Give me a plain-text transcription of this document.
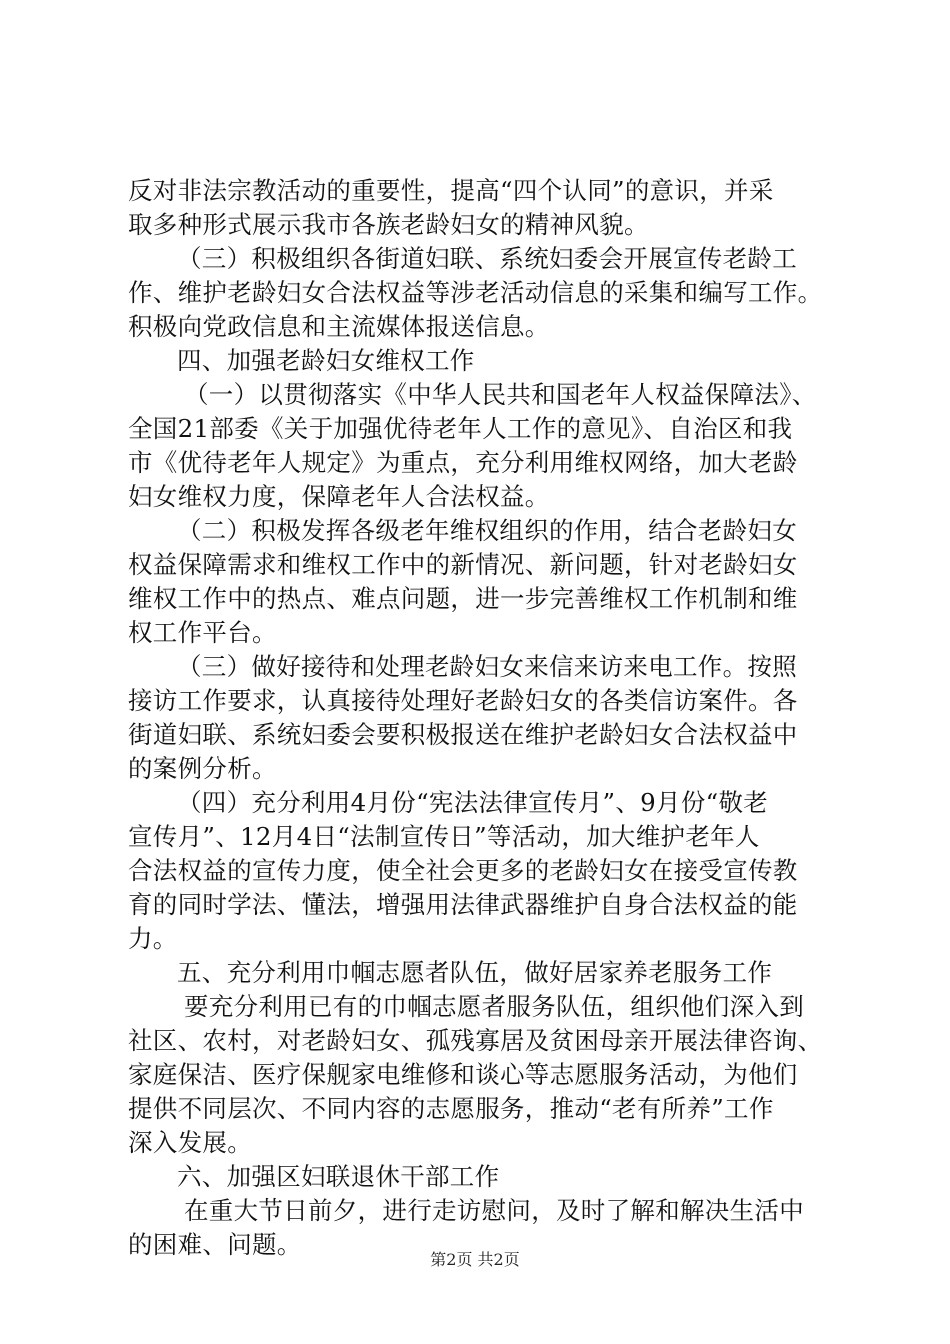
反对非法宗教活动的重要性，提高“四个认同”的意识，并采
取多种形式展示我市各族老龄妇女的精神风貌。
（三）积极组织各街道妇联、系统妇委会开展宣传老龄工
作、维护老龄妇女合法权益等涉老活动信息的采集和编写工作。
积极向党政信息和主流媒体报送信息。
四、加强老龄妇女维权工作
（一）以贯彻落实《中华人民共和国老年人权益保障法》、
全国21部委《关于加强优待老年人工作的意见》、自治区和我
市《优待老年人规定》为重点，充分利用维权网络，加大老龄
妇女维权力度，保障老年人合法权益。
（二）积极发挥各级老年维权组织的作用，结合老龄妇女
权益保障需求和维权工作中的新情况、新问题，针对老龄妇女
维权工作中的热点、难点问题，进一步完善维权工作机制和维
权工作平台。
（三）做好接待和处理老龄妇女来信来访来电工作。按照
接访工作要求，认真接待处理好老龄妇女的各类信访案件。各
街道妇联、系统妇委会要积极报送在维护老龄妇女合法权益中
的案例分析。
（四）充分利用4月份“宪法法律宣传月”、9月份“敬老
宣传月”、12月4日“法制宣传日”等活动，加大维护老年人
合法权益的宣传力度，使全社会更多的老龄妇女在接受宣传教
育的同时学法、懂法，增强用法律武器维护自身合法权益的能
力。
五、充分利用巾帼志愿者队伍，做好居家养老服务工作
要充分利用已有的巾帼志愿者服务队伍，组织他们深入到
社区、农村，对老龄妇女、孤残寡居及贫困母亲开展法律咨询、
家庭保洁、医疗保舰家电维修和谈心等志愿服务活动，为他们
提供不同层次、不同内容的志愿服务，推动“老有所养”工作
深入发展。
六、加强区妇联退休干部工作
在重大节日前夕，进行走访慰问，及时了解和解决生活中
的困难、问题。
第2页 共2页
